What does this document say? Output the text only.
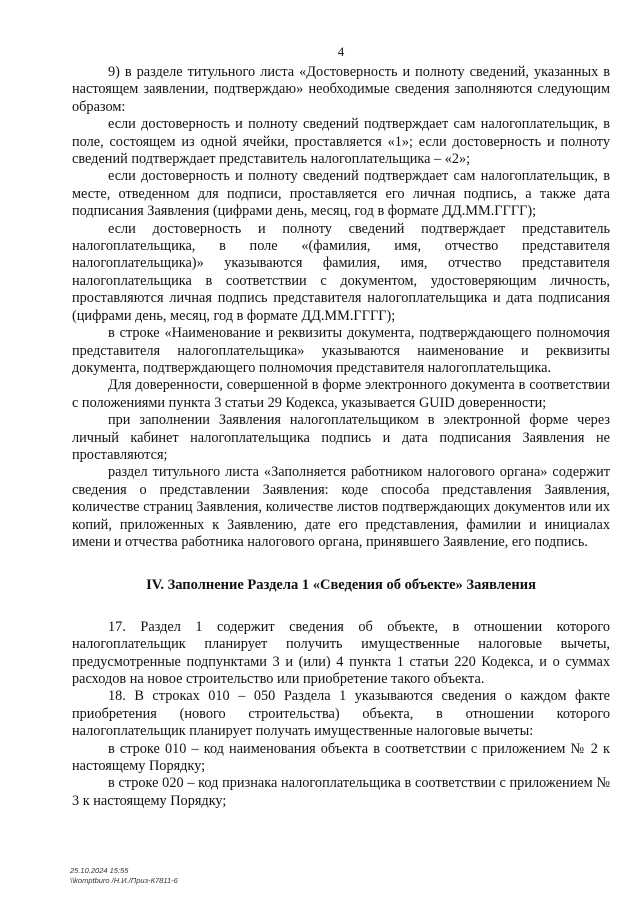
4

9) в разделе титульного листа «Достоверность и полноту сведений, указанных в настоящем заявлении, подтверждаю» необходимые сведения заполняются следующим образом:

если достоверность и полноту сведений подтверждает сам налогоплательщик, в поле, состоящем из одной ячейки, проставляется «1»; если достоверность и полноту сведений подтверждает представитель налогоплательщика – «2»;

если достоверность и полноту сведений подтверждает сам налогоплательщик, в месте, отведенном для подписи, проставляется его личная подпись, а также дата подписания Заявления (цифрами день, месяц, год в формате ДД.ММ.ГГГГ);

если достоверность и полноту сведений подтверждает представитель налогоплательщика, в поле «(фамилия, имя, отчество представителя налогоплательщика)» указываются фамилия, имя, отчество представителя налогоплательщика в соответствии с документом, удостоверяющим личность, проставляются личная подпись представителя налогоплательщика и дата подписания (цифрами день, месяц, год в формате ДД.ММ.ГГГГ);

в строке «Наименование и реквизиты документа, подтверждающего полномочия представителя налогоплательщика» указываются наименование и реквизиты документа, подтверждающего полномочия представителя налогоплательщика.

Для доверенности, совершенной в форме электронного документа в соответствии с положениями пункта 3 статьи 29 Кодекса, указывается GUID доверенности;

при заполнении Заявления налогоплательщиком в электронной форме через личный кабинет налогоплательщика подпись и дата подписания Заявления не проставляются;

раздел титульного листа «Заполняется работником налогового органа» содержит сведения о представлении Заявления: коде способа представления Заявления, количестве страниц Заявления, количестве листов подтверждающих документов или их копий, приложенных к Заявлению, дате его представления, фамилии и инициалах имени и отчества работника налогового органа, принявшего Заявление, его подпись.

IV. Заполнение Раздела 1 «Сведения об объекте» Заявления

17. Раздел 1 содержит сведения об объекте, в отношении которого налогоплательщик планирует получить имущественные налоговые вычеты, предусмотренные подпунктами 3 и (или) 4 пункта 1 статьи 220 Кодекса, и о суммах расходов на новое строительство или приобретение такого объекта.

18. В строках 010 – 050 Раздела 1 указываются сведения о каждом факте приобретения (нового строительства) объекта, в отношении которого налогоплательщик планирует получать имущественные налоговые вычеты:

в строке 010 – код наименования объекта в соответствии с приложением № 2 к настоящему Порядку;

в строке 020 – код признака налогоплательщика в соответствии с приложением № 3 к настоящему Порядку;

25.10.2024 15:55
\\komptburo /Н.И./Приз-К7811-6
